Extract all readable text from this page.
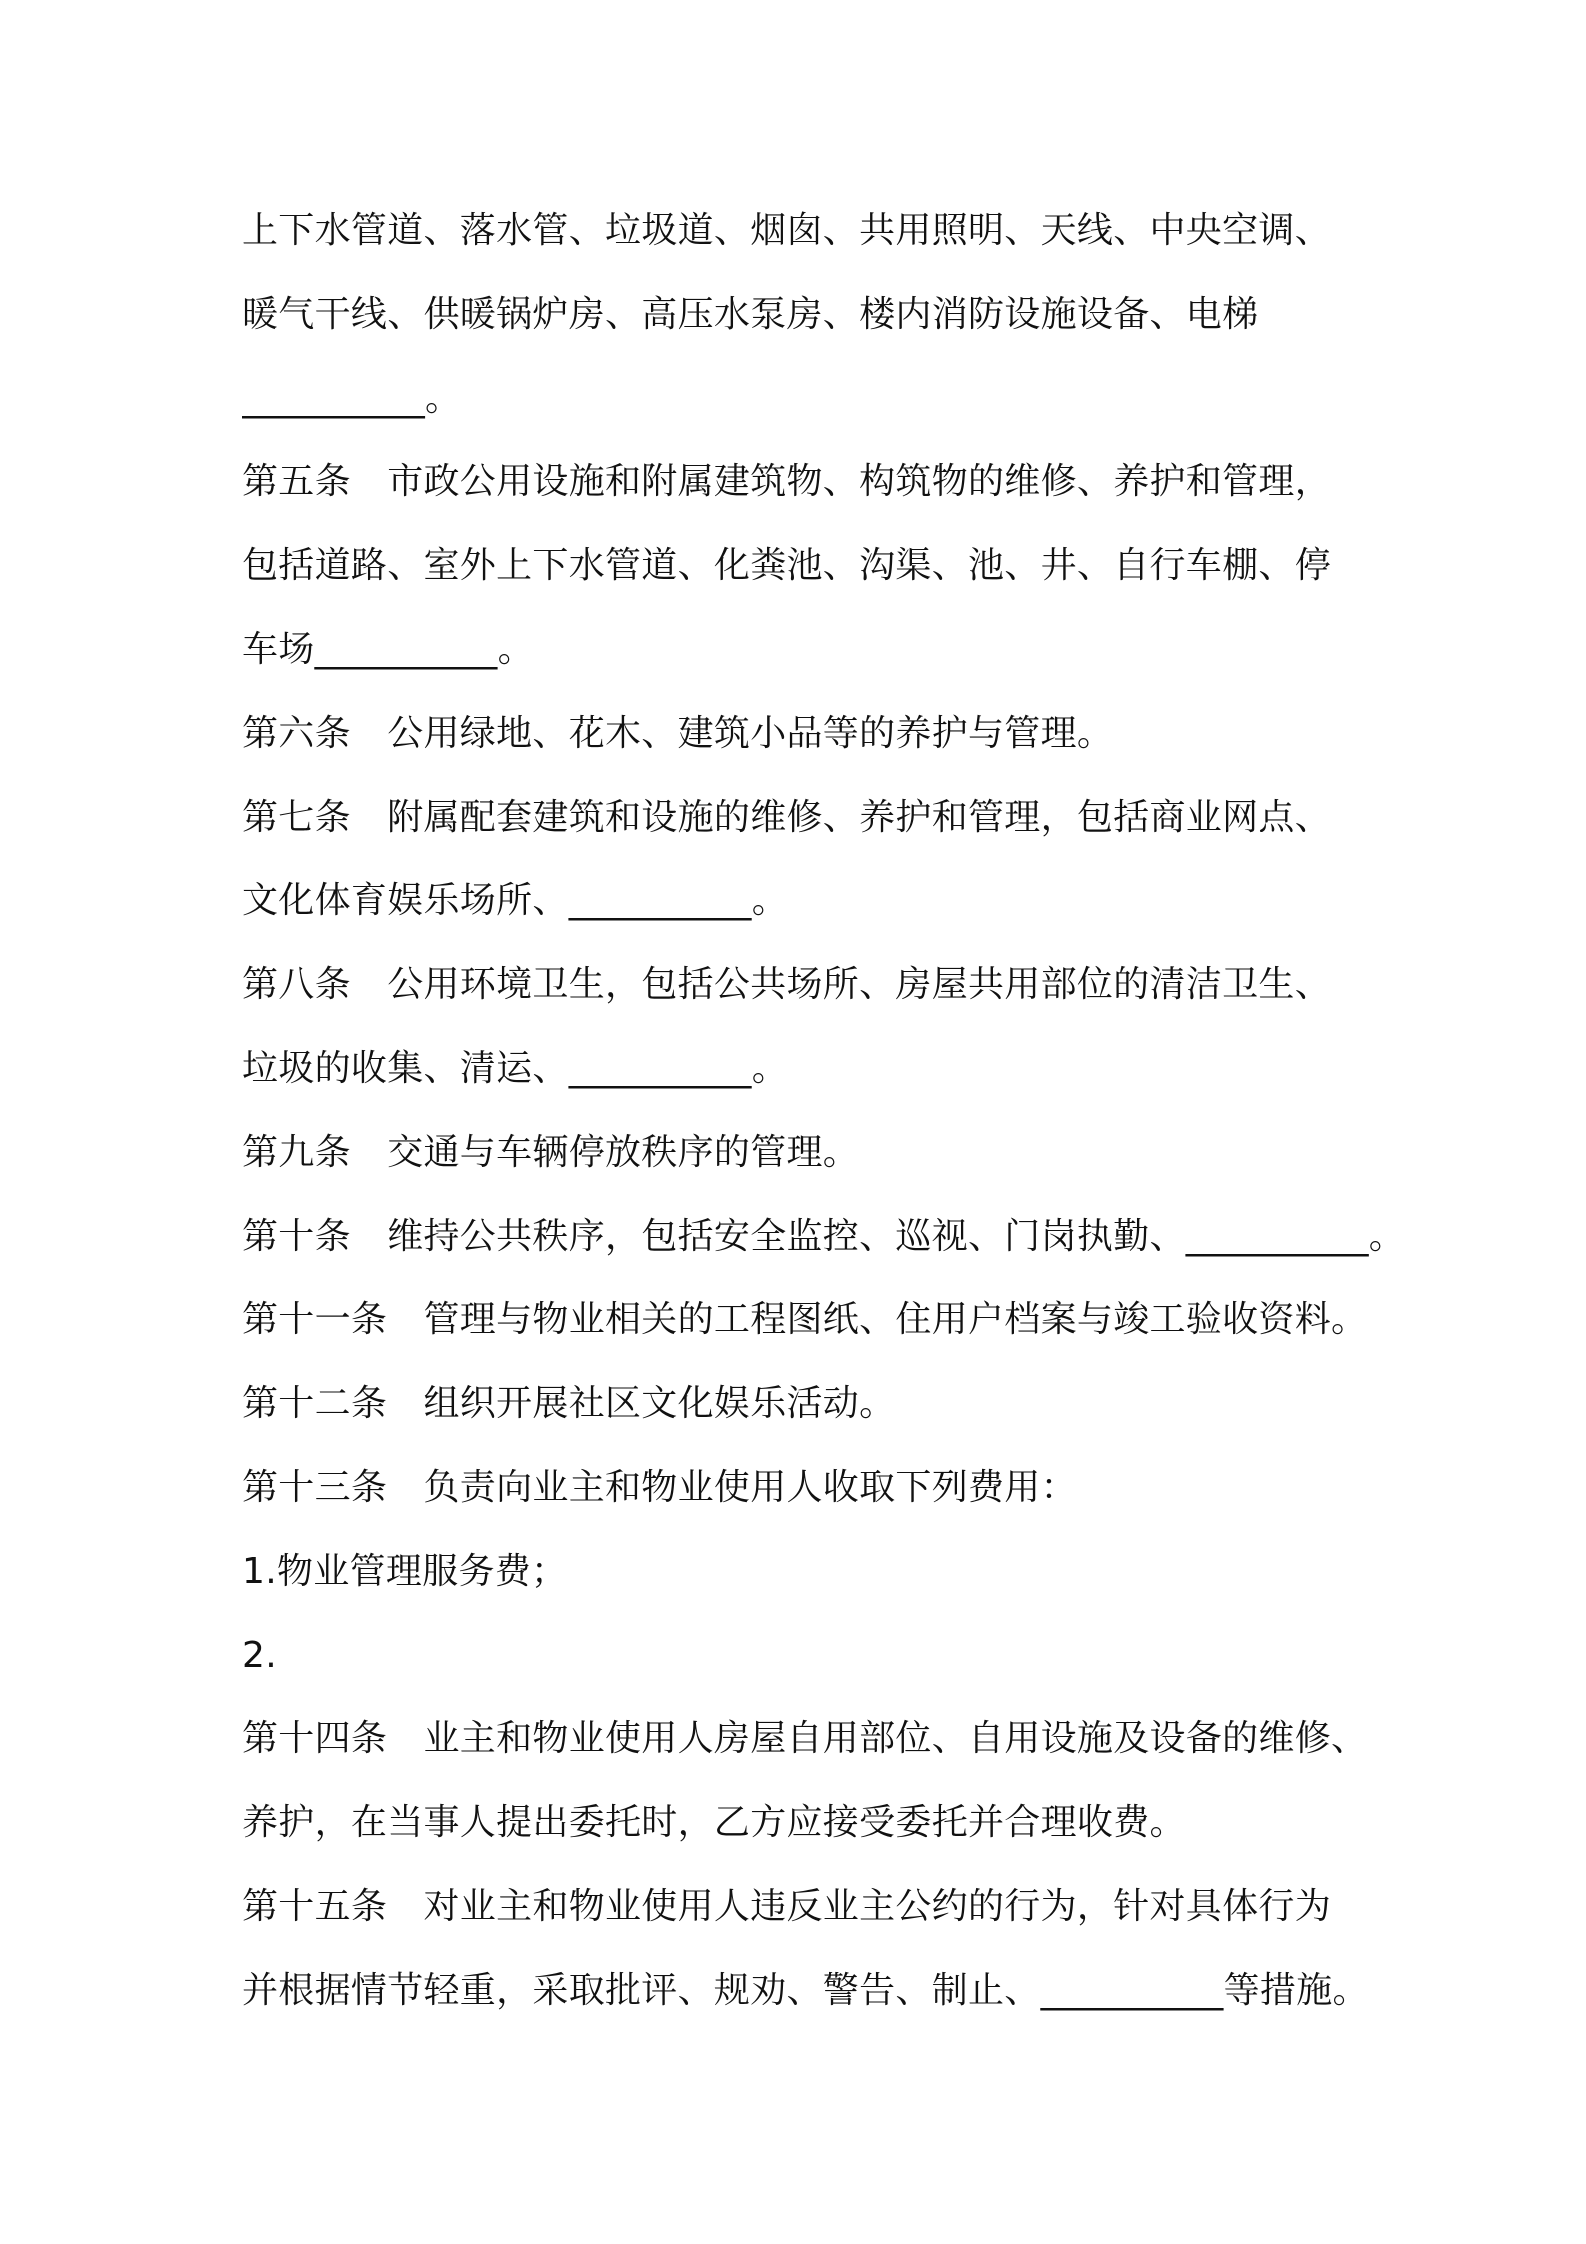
上下水管道、落水管、垃圾道、烟囱、共用照明、天线、中央空调、
暖气干线、供暖锅炉房、高压水泵房、楼内消防设施设备、电梯
__________。
第五条　市政公用设施和附属建筑物、构筑物的维修、养护和管理，
包括道路、室外上下水管道、化粪池、沟渠、池、井、自行车棚、停
车场__________。
第六条　公用绿地、花木、建筑小品等的养护与管理。
第七条　附属配套建筑和设施的维修、养护和管理，包括商业网点、
文化体育娱乐场所、__________。
第八条　公用环境卫生，包括公共场所、房屋共用部位的清洁卫生、
垃圾的收集、清运、__________。
第九条　交通与车辆停放秩序的管理。
第十条　维持公共秩序，包括安全监控、巡视、门岗执勤、__________。
第十一条　管理与物业相关的工程图纸、住用户档案与竣工验收资料。
第十二条　组织开展社区文化娱乐活动。
第十三条　负责向业主和物业使用人收取下列费用：
1.物业管理服务费；
2.
第十四条　业主和物业使用人房屋自用部位、自用设施及设备的维修、
养护，在当事人提出委托时，乙方应接受委托并合理收费。
第十五条　对业主和物业使用人违反业主公约的行为，针对具体行为
并根据情节轻重，采取批评、规劝、警告、制止、__________等措施。
